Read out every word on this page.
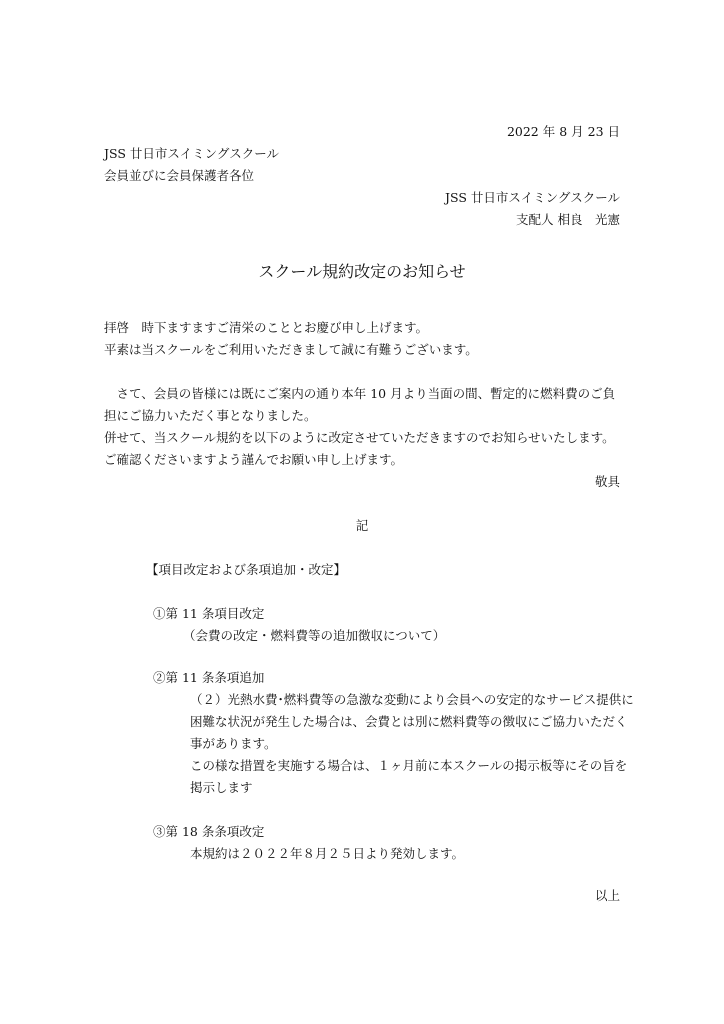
2022 年 8 月 23 日
JSS 廿日市スイミングスクール
会員並びに会員保護者各位
JSS 廿日市スイミングスクール
支配人 相良　光憲
スクール規約改定のお知らせ
拝啓　時下ますますご清栄のこととお慶び申し上げます。
平素は当スクールをご利用いただきまして誠に有難うございます。
　さて、会員の皆様には既にご案内の通り本年 10 月より当面の間、暫定的に燃料費のご負
担にご協力いただく事となりました。
併せて、当スクール規約を以下のように改定させていただきますのでお知らせいたします。
ご確認くださいますよう謹んでお願い申し上げます。
敬具
記
【項目改定および条項追加・改定】
①第 11 条項目改定
（会費の改定・燃料費等の追加徴収について）
②第 11 条条項追加
（２）光熱水費･燃料費等の急激な変動により会員への安定的なサービス提供に
困難な状況が発生した場合は、会費とは別に燃料費等の徴収にご協力いただく
事があります。
この様な措置を実施する場合は、１ヶ月前に本スクールの掲示板等にその旨を
掲示します
③第 18 条条項改定
本規約は２０２２年８月２５日より発効します。
以上
